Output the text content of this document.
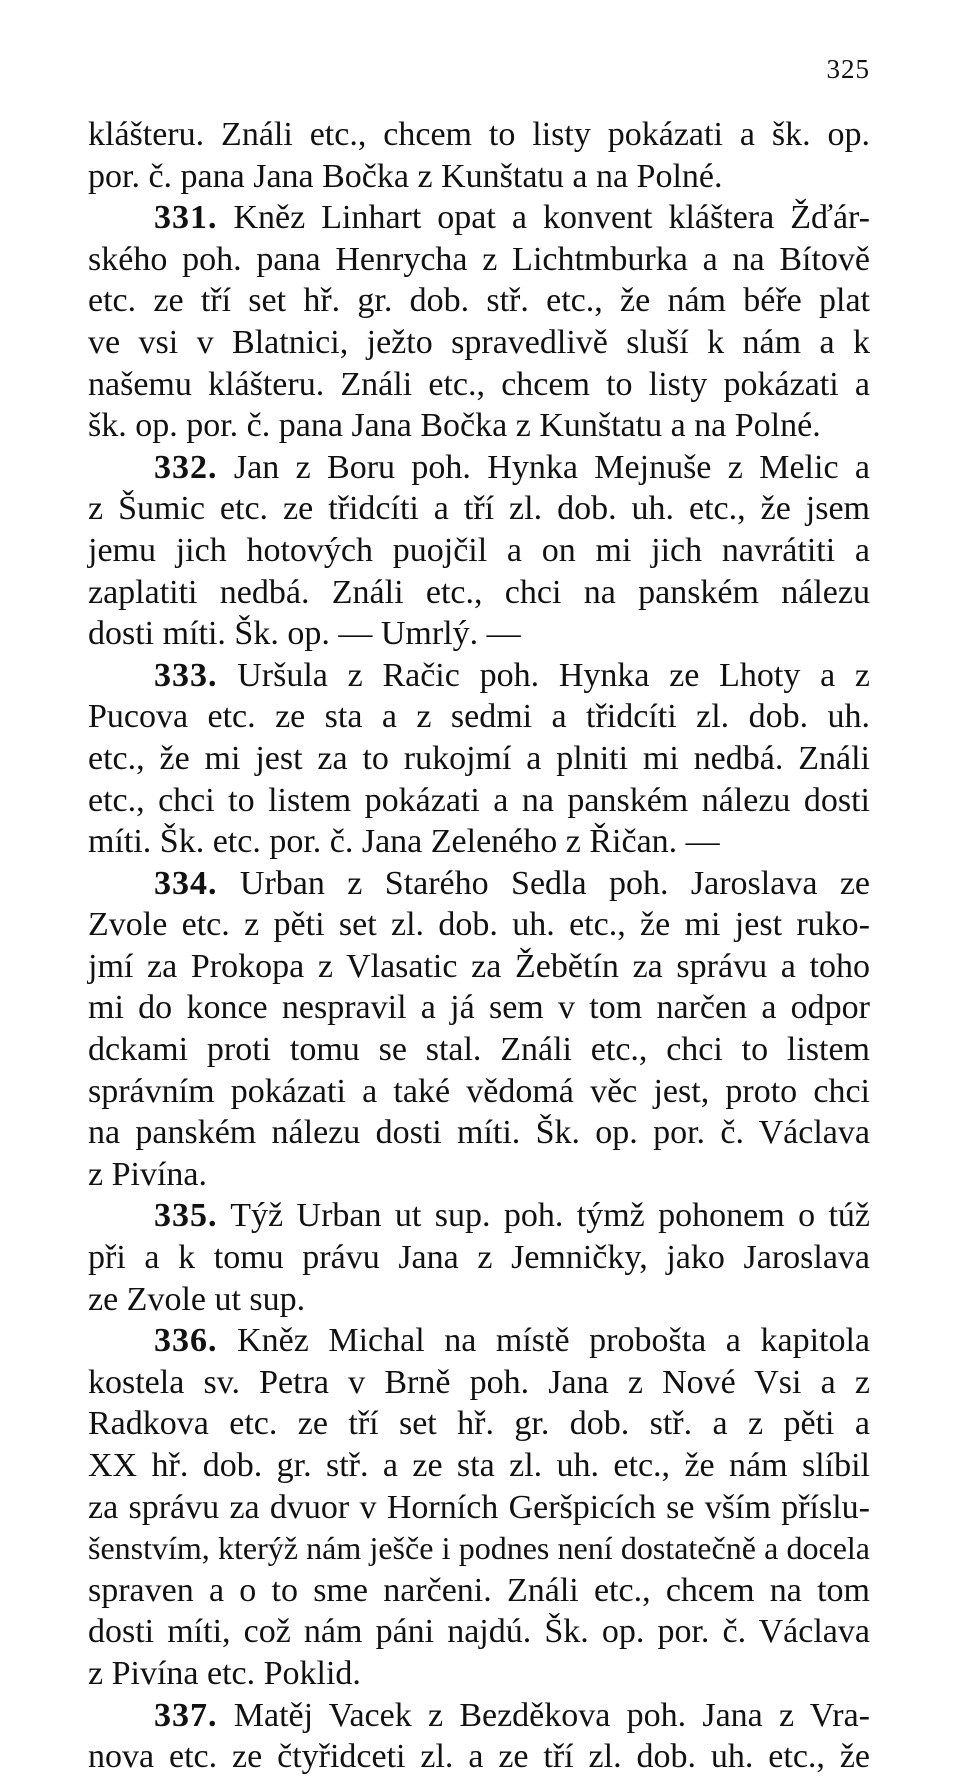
325
klášteru. Ználi etc., chcem to listy pokázati a šk. op.
por. č. pana Jana Bočka z Kunštatu a na Polné.
331. Kněz Linhart opat a konvent kláštera Žďár-
ského poh. pana Henrycha z Lichtmburka a na Bítově
etc. ze tří set hř. gr. dob. stř. etc., že nám béře plat
ve vsi v Blatnici, ježto spravedlivě sluší k nám a k
našemu klášteru. Ználi etc., chcem to listy pokázati a
šk. op. por. č. pana Jana Bočka z Kunštatu a na Polné.
332. Jan z Boru poh. Hynka Mejnuše z Melic a
z Šumic etc. ze třidcíti a tří zl. dob. uh. etc., že jsem
jemu jich hotových puojčil a on mi jich navrátiti a
zaplatiti nedbá. Ználi etc., chci na panském nálezu
dosti míti. Šk. op. — Umrlý. —
333. Uršula z Račic poh. Hynka ze Lhoty a z
Pucova etc. ze sta a z sedmi a třidcíti zl. dob. uh.
etc., že mi jest za to rukojmí a plniti mi nedbá. Ználi
etc., chci to listem pokázati a na panském nálezu dosti
míti. Šk. etc. por. č. Jana Zeleného z Řičan. —
334. Urban z Starého Sedla poh. Jaroslava ze
Zvole etc. z pěti set zl. dob. uh. etc., že mi jest ruko-
jmí za Prokopa z Vlasatic za Žebětín za správu a toho
mi do konce nespravil a já sem v tom narčen a odpor
dckami proti tomu se stal. Ználi etc., chci to listem
správním pokázati a také vědomá věc jest, proto chci
na panském nálezu dosti míti. Šk. op. por. č. Václava
z Pivína.
335. Týž Urban ut sup. poh. týmž pohonem o túž
při a k tomu právu Jana z Jemničky, jako Jaroslava
ze Zvole ut sup.
336. Kněz Michal na místě probošta a kapitola
kostela sv. Petra v Brně poh. Jana z Nové Vsi a z
Radkova etc. ze tří set hř. gr. dob. stř. a z pěti a
XX hř. dob. gr. stř. a ze sta zl. uh. etc., že nám slíbil
za správu za dvuor v Horních Geršpicích se vším příslu-
šenstvím, kterýž nám ješče i podnes není dostatečně a docela
spraven a o to sme narčeni. Ználi etc., chcem na tom
dosti míti, což nám páni najdú. Šk. op. por. č. Václava
z Pivína etc. Poklid.
337. Matěj Vacek z Bezděkova poh. Jana z Vra-
nova etc. ze čtyřidceti zl. a ze tří zl. dob. uh. etc., že
